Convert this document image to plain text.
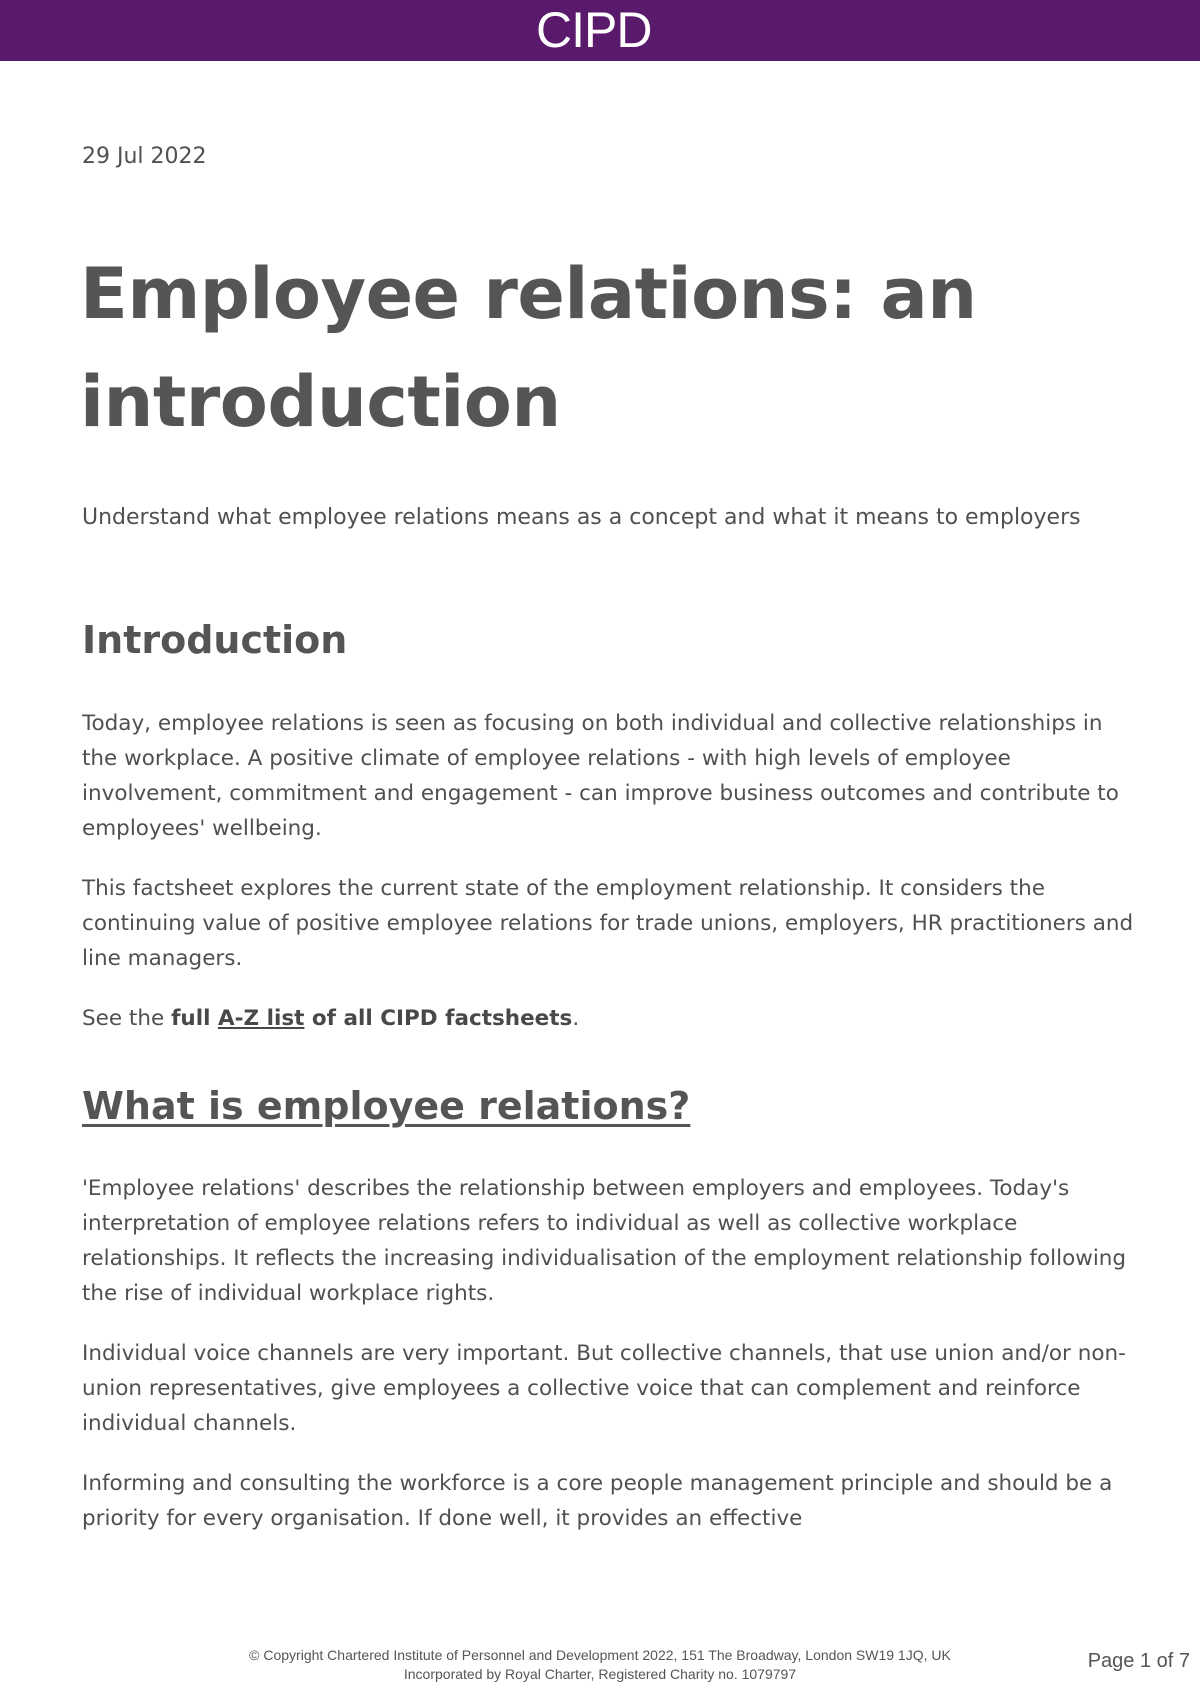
CIPD
29 Jul 2022
Employee relations: an introduction

Understand what employee relations means as a concept and what it means to employers

Introduction

Today, employee relations is seen as focusing on both individual and collective relationships in the workplace. A positive climate of employee relations - with high levels of employee involvement, commitment and engagement - can improve business outcomes and contribute to employees' wellbeing.

This factsheet explores the current state of the employment relationship. It considers the continuing value of positive employee relations for trade unions, employers, HR practitioners and line managers.

See the full A-Z list of all CIPD factsheets.

What is employee relations?

'Employee relations' describes the relationship between employers and employees. Today's interpretation of employee relations refers to individual as well as collective workplace relationships. It reflects the increasing individualisation of the employment relationship following the rise of individual workplace rights.

Individual voice channels are very important. But collective channels, that use union and/or non-union representatives, give employees a collective voice that can complement and reinforce individual channels.

Informing and consulting the workforce is a core people management principle and should be a priority for every organisation. If done well, it provides an effective

© Copyright Chartered Institute of Personnel and Development 2022, 151 The Broadway, London SW19 1JQ, UK
Incorporated by Royal Charter, Registered Charity no. 1079797
Page 1 of 7
